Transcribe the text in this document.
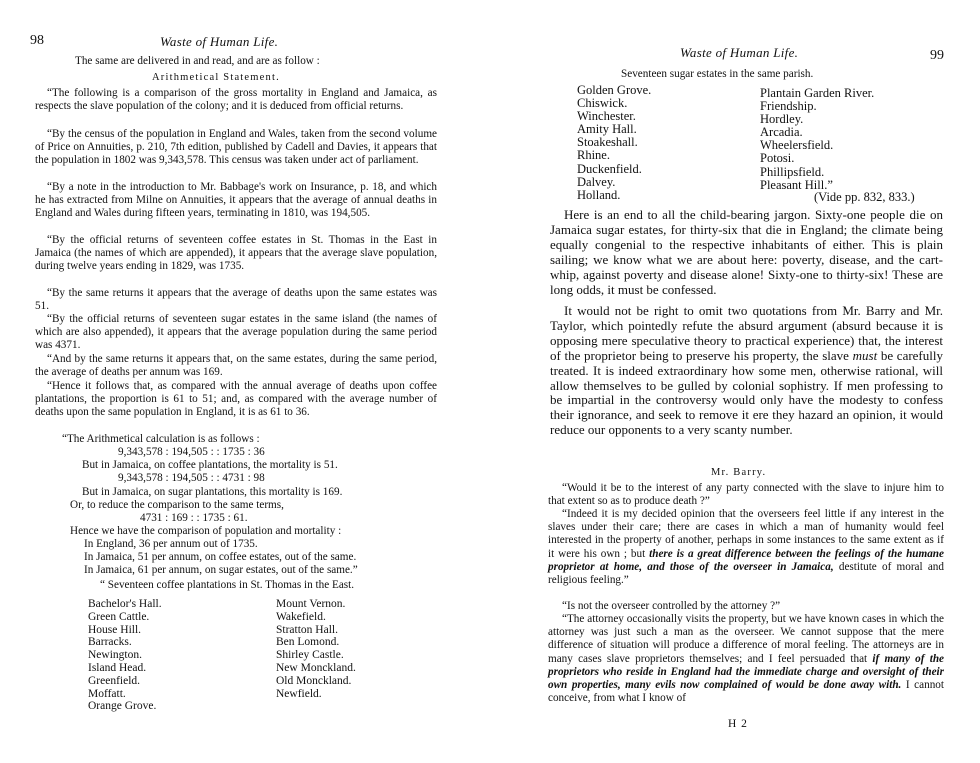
98	Waste of Human Life.
The same are delivered in and read, and are as follow :
Arithmetical Statement.
“The following is a comparison of the gross mortality in England and Jamaica, as respects the slave population of the colony; and it is deduced from official returns.
“By the census of the population in England and Wales, taken from the second volume of Price on Annuities, p. 210, 7th edition, published by Cadell and Davies, it appears that the population in 1802 was 9,343,578. This census was taken under act of parliament.
“By a note in the introduction to Mr. Babbage's work on Insurance, p. 18, and which he has extracted from Milne on Annuities, it appears that the average of annual deaths in England and Wales during fifteen years, terminating in 1810, was 194,505.
“By the official returns of seventeen coffee estates in St. Thomas in the East in Jamaica (the names of which are appended), it appears that the average slave population, during twelve years ending in 1829, was 1735.
“By the same returns it appears that the average of deaths upon the same estates was 51.
“By the official returns of seventeen sugar estates in the same island (the names of which are also appended), it appears that the average population during the same period was 4371.
“And by the same returns it appears that, on the same estates, during the same period, the average of deaths per annum was 169.
“Hence it follows that, as compared with the annual average of deaths upon coffee plantations, the proportion is 61 to 51; and, as compared with the average number of deaths upon the same population in England, it is as 61 to 36.
“The Arithmetical calculation is as follows :
9,343,578 : 194,505 : : 1735 : 36
But in Jamaica, on coffee plantations, the mortality is 51.
9,343,578 : 194,505 : : 4731 : 98
But in Jamaica, on sugar plantations, this mortality is 169.
Or, to reduce the comparison to the same terms,
4731 : 169 : : 1735 : 61.
Hence we have the comparison of population and mortality :
In England, 36 per annum out of 1735.
In Jamaica, 51 per annum, on coffee estates, out of the same.
In Jamaica, 61 per annum, on sugar estates, out of the same.”
“ Seventeen coffee plantations in St. Thomas in the East.
Bachelor's Hall.
Green Cattle.
House Hill.
Barracks.
Newington.
Island Head.
Greenfield.
Moffatt.
Orange Grove.
Mount Vernon.
Wakefield.
Stratton Hall.
Ben Lomond.
Shirley Castle.
New Monckland.
Old Monckland.
Newfield.
Waste of Human Life.	99
Seventeen sugar estates in the same parish.
Golden Grove.
Chiswick.
Winchester.
Amity Hall.
Stoakeshall.
Rhine.
Duckenfield.
Dalvey.
Holland.
Plantain Garden River.
Friendship.
Hordley.
Arcadia.
Wheelersfield.
Potosi.
Phillipsfield.
Pleasant Hill.”
(Vide pp. 832, 833.)
Here is an end to all the child-bearing jargon. Sixty-one people die on Jamaica sugar estates, for thirty-six that die in England; the climate being equally congenial to the respective inhabitants of either. This is plain sailing; we know what we are about here: poverty, disease, and the cart-whip, against poverty and disease alone! Sixty-one to thirty-six! These are long odds, it must be confessed.
It would not be right to omit two quotations from Mr. Barry and Mr. Taylor, which pointedly refute the absurd argument (absurd because it is opposing mere speculative theory to practical experience) that, the interest of the proprietor being to preserve his property, the slave must be carefully treated. It is indeed extraordinary how some men, otherwise rational, will allow themselves to be gulled by colonial sophistry. If men professing to be impartial in the controversy would only have the modesty to confess their ignorance, and seek to remove it ere they hazard an opinion, it would reduce our opponents to a very scanty number.
Mr. Barry.
“Would it be to the interest of any party connected with the slave to injure him to that extent so as to produce death ?”
“Indeed it is my decided opinion that the overseers feel little if any interest in the slaves under their care; there are cases in which a man of humanity would feel interested in the property of another, perhaps in some instances to the same extent as if it were his own ; but there is a great difference between the feelings of the humane proprietor at home, and those of the overseer in Jamaica, destitute of moral and religious feeling.”
“Is not the overseer controlled by the attorney ?”
“The attorney occasionally visits the property, but we have known cases in which the attorney was just such a man as the overseer. We cannot suppose that the mere difference of situation will produce a difference of moral feeling. The attorneys are in many cases slave proprietors themselves; and I feel persuaded that if many of the proprietors who reside in England had the immediate charge and oversight of their own properties, many evils now complained of would be done away with. I cannot conceive, from what I know of
H 2
